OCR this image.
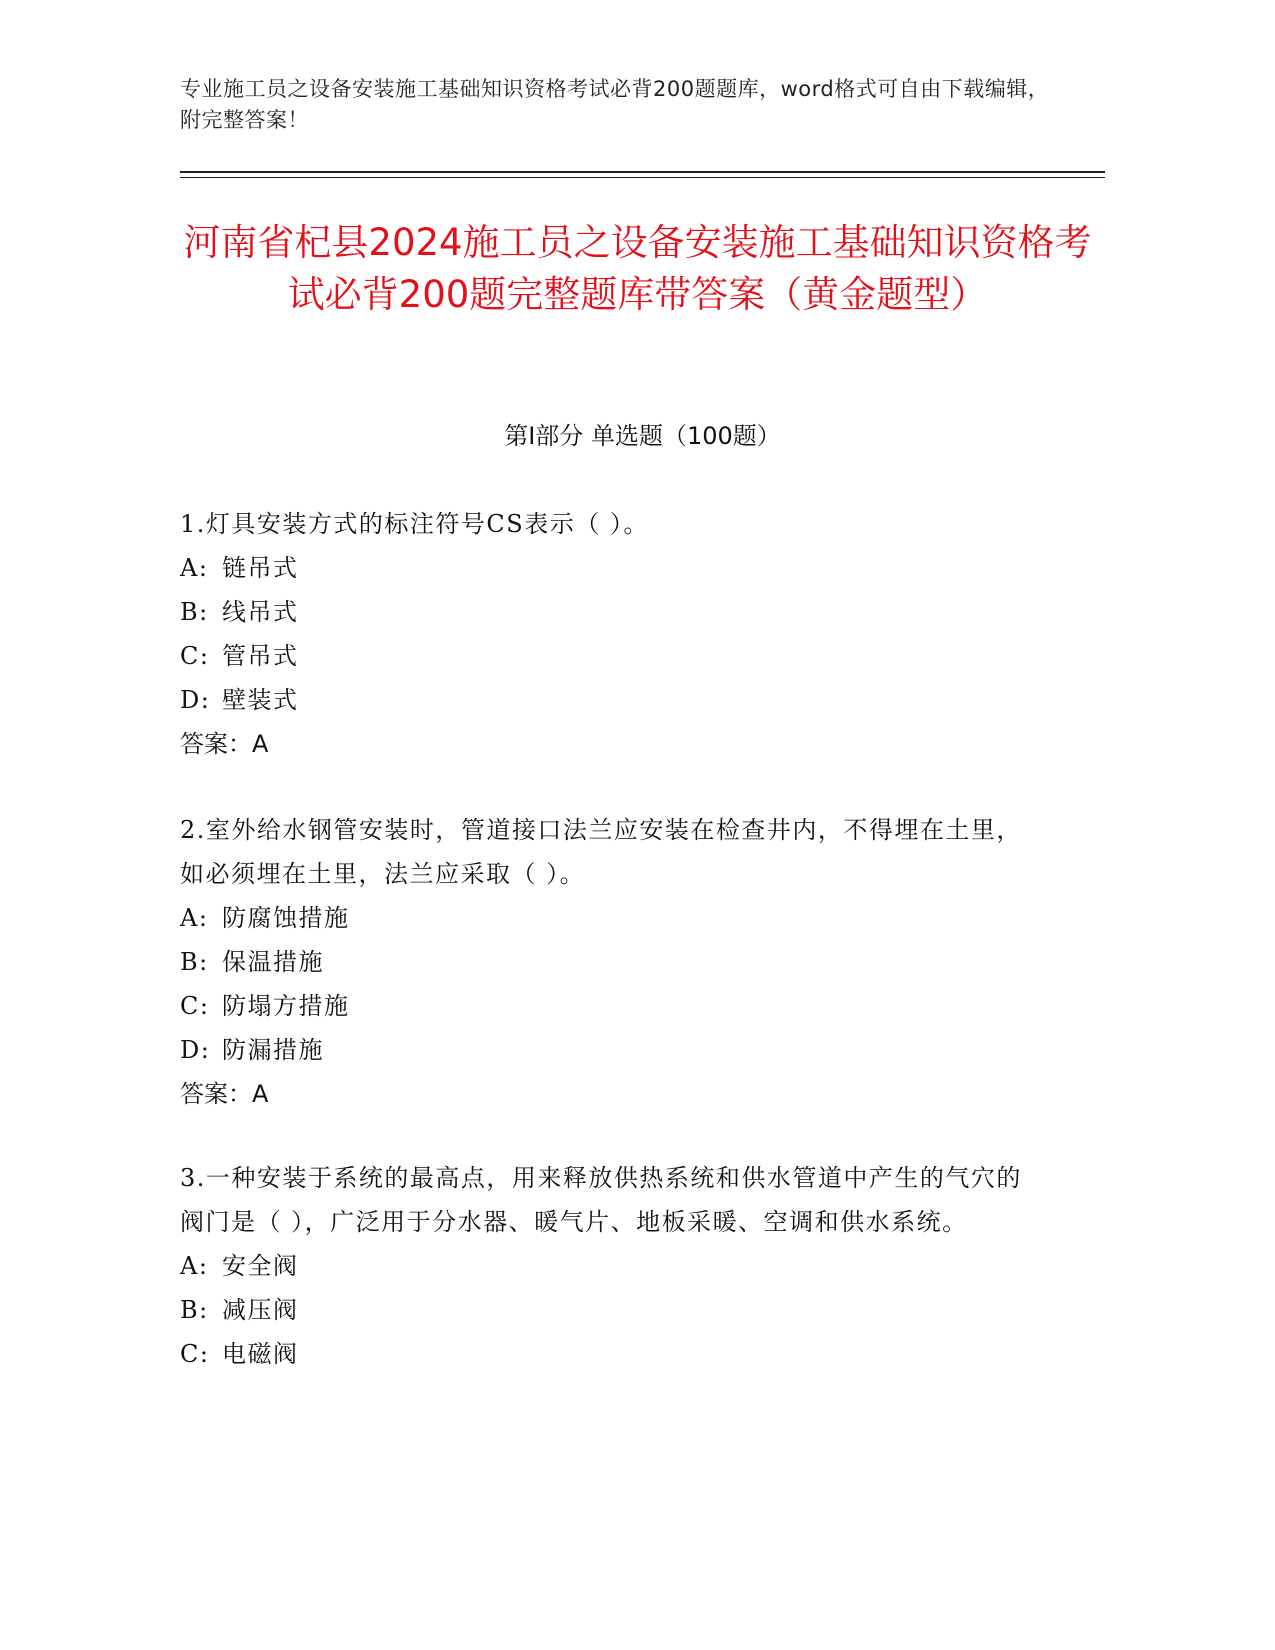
专业施工员之设备安装施工基础知识资格考试必背200题题库，word格式可自由下载编辑，附完整答案！
河南省杞县2024施工员之设备安装施工基础知识资格考试必背200题完整题库带答案（黄金题型）
第I部分 单选题（100题）
1.灯具安装方式的标注符号CS表示（ ）。
A: 链吊式
B: 线吊式
C: 管吊式
D: 壁装式
答案：A
2.室外给水钢管安装时，管道接口法兰应安装在检查井内，不得埋在土里，如必须埋在土里，法兰应采取（ ）。
A: 防腐蚀措施
B: 保温措施
C: 防塌方措施
D: 防漏措施
答案：A
3.一种安装于系统的最高点，用来释放供热系统和供水管道中产生的气穴的阀门是（ ），广泛用于分水器、暖气片、地板采暖、空调和供水系统。
A: 安全阀
B: 减压阀
C: 电磁阀
